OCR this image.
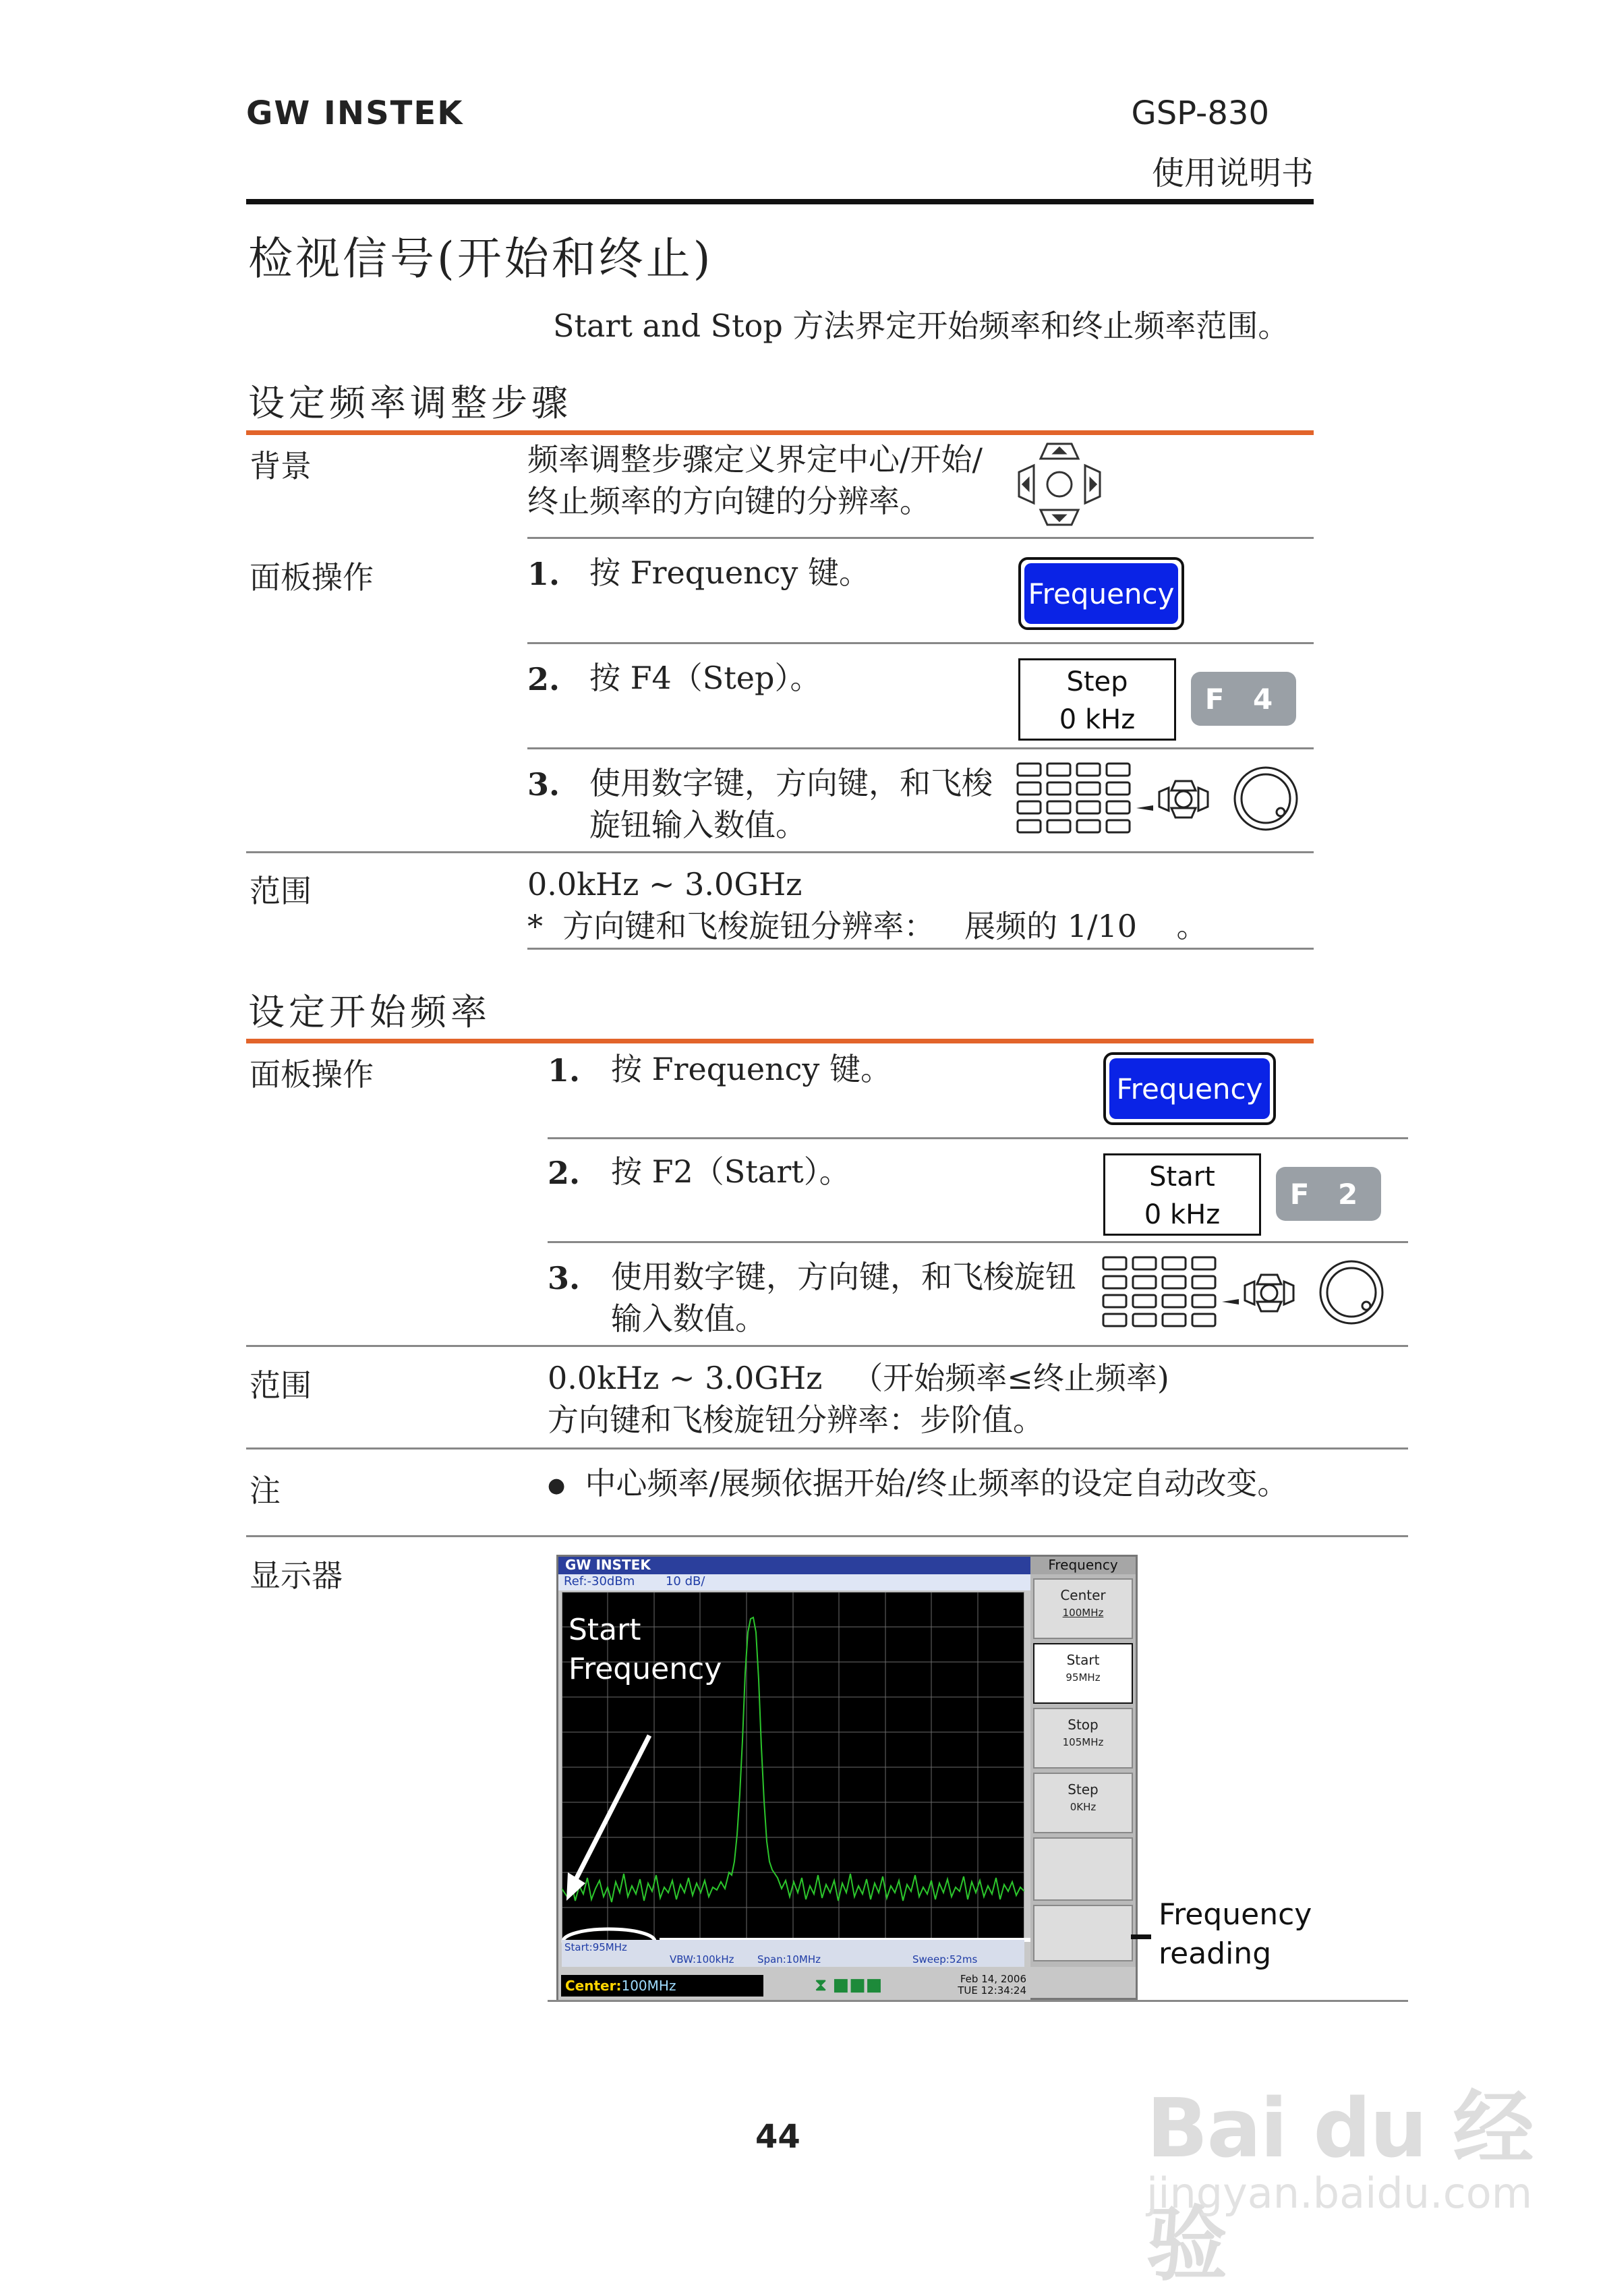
GW INSTEK	GSP-830
使用说明书
检视信号(开始和终止)
Start and Stop 方法界定开始频率和终止频率范围。
设定频率调整步骤
背景	频率调整步骤定义界定中心/开始/
终止频率的方向键的分辨率。
面板操作	1. 按 Frequency 键。
Frequency
2. 按 F4（Step）。	Step
0 kHz
F 4
3. 使用数字键，方向键，和飞梭
旋钮输入数值。
范围	0.0kHz ~ 3.0GHz
*  方向键和飞梭旋钮分辨率：   展频的 1/10    。
设定开始频率
面板操作	1. 按 Frequency 键。
Frequency
2. 按 F2（Start）。	Start
0 kHz
F 2
3. 使用数字键，方向键，和飞梭旋钮
输入数值。
范围	0.0kHz ~ 3.0GHz   （开始频率≤终止频率)
方向键和飞梭旋钮分辨率：步阶值。
注	● 中心频率/展频依据开始/终止频率的设定自动改变。
显示器	GW INSTEK
Ref:-30dBm	10 dB/
Start
Frequency
Start:95MHz
VBW:100kHz Span:10MHz	Sweep:52ms
Center:100MHz	⧗ ■■■	Feb 14, 2006
TUE 12:34:24
Frequency
Center
100MHz
Start
95MHz
Stop
105MHz
Step
0KHz
Frequency
reading
44	Bai du 经验
jingyan.baidu.com
